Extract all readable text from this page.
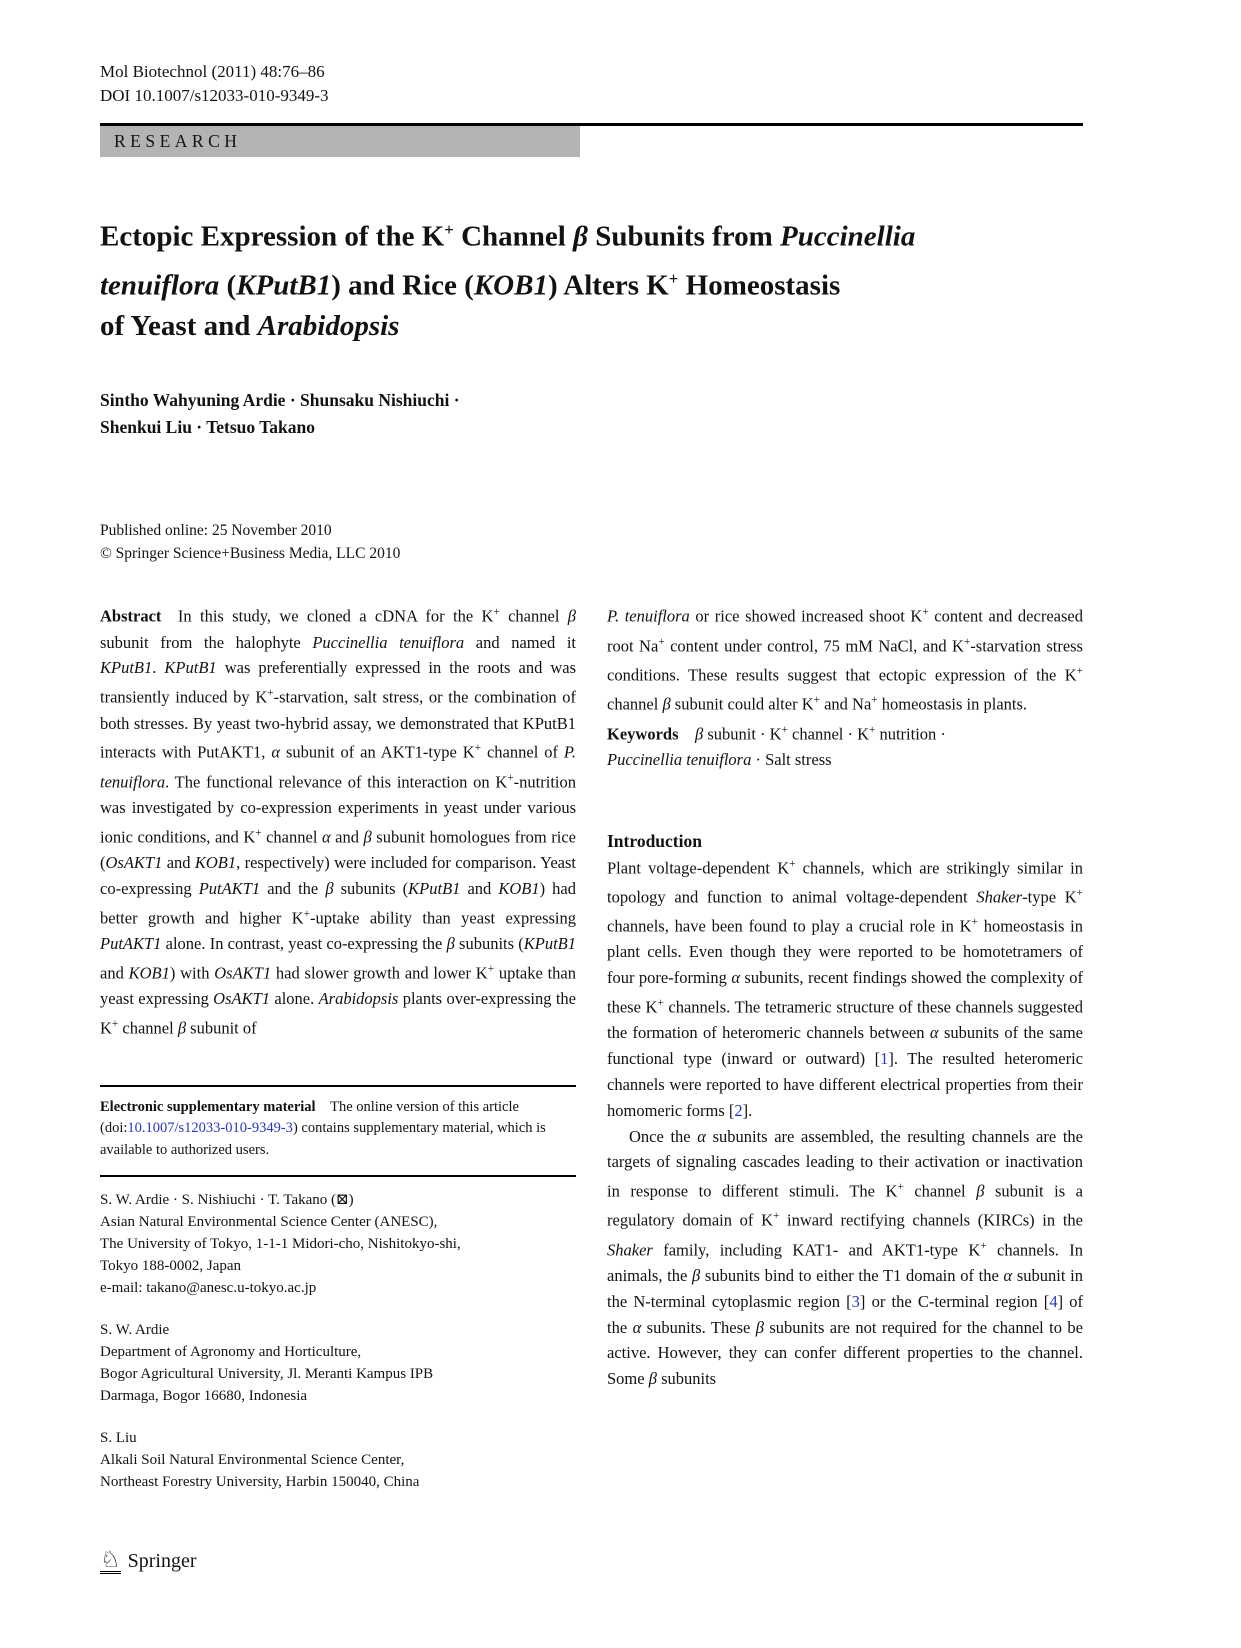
Mol Biotechnol (2011) 48:76–86
DOI 10.1007/s12033-010-9349-3
RESEARCH
Ectopic Expression of the K+ Channel β Subunits from Puccinellia
tenuiflora (KPutB1) and Rice (KOB1) Alters K+ Homeostasis
of Yeast and Arabidopsis
Sintho Wahyuning Ardie · Shunsaku Nishiuchi ·
Shenkui Liu · Tetsuo Takano
Published online: 25 November 2010
© Springer Science+Business Media, LLC 2010

Abstract In this study, we cloned a cDNA for the K+ channel β subunit from the halophyte Puccinellia tenuiflora and named it KPutB1. KPutB1 was preferentially expressed in the roots and was transiently induced by K+-starvation, salt stress, or the combination of both stresses. By yeast two-hybrid assay, we demonstrated that KPutB1 interacts with PutAKT1, α subunit of an AKT1-type K+ channel of P. tenuiflora. The functional relevance of this interaction on K+-nutrition was investigated by co-expression experiments in yeast under various ionic conditions, and K+ channel α and β subunit homologues from rice (OsAKT1 and KOB1, respectively) were included for comparison. Yeast co-expressing PutAKT1 and the β subunits (KPutB1 and KOB1) had better growth and higher K+-uptake ability than yeast expressing PutAKT1 alone. In contrast, yeast co-expressing the β subunits (KPutB1 and KOB1) with OsAKT1 had slower growth and lower K+ uptake than yeast expressing OsAKT1 alone. Arabidopsis plants over-expressing the K+ channel β subunit of

Electronic supplementary material The online version of this article (doi:10.1007/s12033-010-9349-3) contains supplementary material, which is available to authorized users.

S. W. Ardie · S. Nishiuchi · T. Takano (⊠)
Asian Natural Environmental Science Center (ANESC),
The University of Tokyo, 1-1-1 Midori-cho, Nishitokyo-shi,
Tokyo 188-0002, Japan
e-mail: takano@anesc.u-tokyo.ac.jp

S. W. Ardie
Department of Agronomy and Horticulture,
Bogor Agricultural University, Jl. Meranti Kampus IPB
Darmaga, Bogor 16680, Indonesia

S. Liu
Alkali Soil Natural Environmental Science Center,
Northeast Forestry University, Harbin 150040, China

P. tenuiflora or rice showed increased shoot K+ content and decreased root Na+ content under control, 75 mM NaCl, and K+-starvation stress conditions. These results suggest that ectopic expression of the K+ channel β subunit could alter K+ and Na+ homeostasis in plants.

Keywords  β subunit · K+ channel · K+ nutrition ·
Puccinellia tenuiflora · Salt stress

Introduction

Plant voltage-dependent K+ channels, which are strikingly similar in topology and function to animal voltage-dependent Shaker-type K+ channels, have been found to play a crucial role in K+ homeostasis in plant cells. Even though they were reported to be homotetramers of four pore-forming α subunits, recent findings showed the complexity of these K+ channels. The tetrameric structure of these channels suggested the formation of heteromeric channels between α subunits of the same functional type (inward or outward) [1]. The resulted heteromeric channels were reported to have different electrical properties from their homomeric forms [2].

Once the α subunits are assembled, the resulting channels are the targets of signaling cascades leading to their activation or inactivation in response to different stimuli. The K+ channel β subunit is a regulatory domain of K+ inward rectifying channels (KIRCs) in the Shaker family, including KAT1- and AKT1-type K+ channels. In animals, the β subunits bind to either the T1 domain of the α subunit in the N-terminal cytoplasmic region [3] or the C-terminal region [4] of the α subunits. These β subunits are not required for the channel to be active. However, they can confer different properties to the channel. Some β subunits

♘ Springer
